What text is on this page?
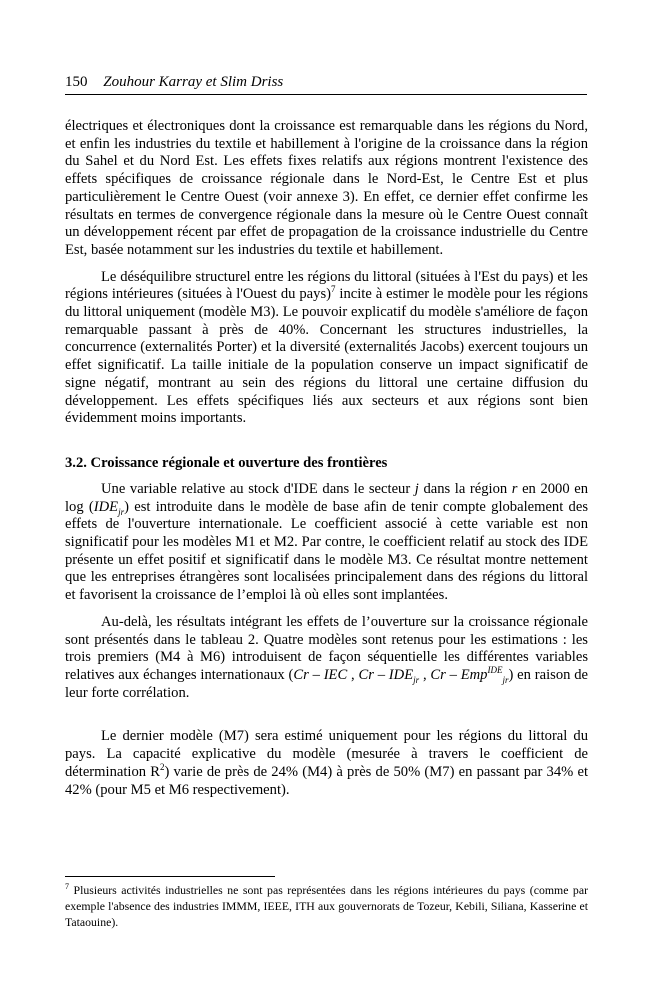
150 Zouhour Karray et Slim Driss

électriques et électroniques dont la croissance est remarquable dans les régions du Nord, et enfin les industries du textile et habillement à l'origine de la croissance dans la région du Sahel et du Nord Est. Les effets fixes relatifs aux régions montrent l'existence des effets spécifiques de croissance régionale dans le Nord-Est, le Centre Est et plus particulièrement le Centre Ouest (voir annexe 3). En effet, ce dernier effet confirme les résultats en termes de convergence régionale dans la mesure où le Centre Ouest connaît un développement récent par effet de propagation de la croissance industrielle du Centre Est, basée notamment sur les industries du textile et habillement.

Le déséquilibre structurel entre les régions du littoral (situées à l'Est du pays) et les régions intérieures (situées à l'Ouest du pays)$^7$ incite à estimer le modèle pour les régions du littoral uniquement (modèle M3). Le pouvoir explicatif du modèle s'améliore de façon remarquable passant à près de 40%. Concernant les structures industrielles, la concurrence (externalités Porter) et la diversité (externalités Jacobs) exercent toujours un effet significatif. La taille initiale de la population conserve un impact significatif de signe négatif, montrant au sein des régions du littoral une certaine diffusion du développement. Les effets spécifiques liés aux secteurs et aux régions sont bien évidemment moins importants.

3.2. Croissance régionale et ouverture des frontières

Une variable relative au stock d'IDE dans le secteur j dans la région r en 2000 en $\log (IDE_{jr})$ est introduite dans le modèle de base afin de tenir compte globalement des effets de l'ouverture internationale. Le coefficient associé à cette variable est non significatif pour les modèles M1 et M2. Par contre, le coefficient relatif au stock des IDE présente un effet positif et significatif dans le modèle M3. Ce résultat montre nettement que les entreprises étrangères sont localisées principalement dans des régions du littoral et favorisent la croissance de l’emploi là où elles sont implantées.

Au-delà, les résultats intégrant les effets de l’ouverture sur la croissance régionale sont présentés dans le tableau 2. Quatre modèles sont retenus pour les estimations : les trois premiers (M4 à M6) introduisent de façon séquentielle les différentes variables relatives aux échanges internationaux (Cr – IEC , Cr – $IDE_{jr}$ , Cr – Emp$^{IDE}_{jr}$) en raison de leur forte corrélation.

Le dernier modèle (M7) sera estimé uniquement pour les régions du littoral du pays. La capacité explicative du modèle (mesurée à travers le coefficient de détermination $R^2$) varie de près de 24% (M4) à près de 50% (M7) en passant par 34% et 42% (pour M5 et M6 respectivement).

$^7$ Plusieurs activités industrielles ne sont pas représentées dans les régions intérieures du pays (comme par exemple l'absence des industries IMMM, IEEE, ITH aux gouvernorats de Tozeur, Kebili, Siliana, Kasserine et Tataouine).
